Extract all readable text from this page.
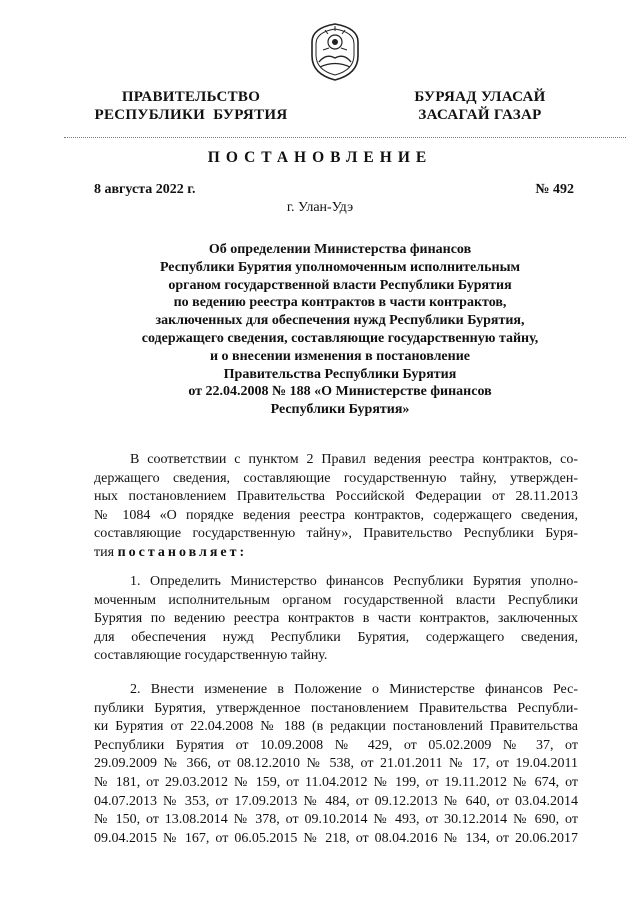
ПРАВИТЕЛЬСТВО
РЕСПУБЛИКИ  БУРЯТИЯ
БУРЯАД УЛАСАЙ
ЗАСАГАЙ ГАЗАР
ПОСТАНОВЛЕНИЕ
8 августа 2022 г.	№ 492
г. Улан-Удэ
Об определении Министерства финансов
Республики Бурятия уполномоченным исполнительным
органом государственной власти Республики Бурятия
по ведению реестра контрактов в части контрактов,
заключенных для обеспечения нужд Республики Бурятия,
содержащего сведения, составляющие государственную тайну,
и о внесении изменения в постановление
Правительства Республики Бурятия
от 22.04.2008 № 188 «О Министерстве финансов
Республики Бурятия»
В соответствии с пунктом 2 Правил ведения реестра контрактов, со-
держащего сведения, составляющие государственную тайну, утвержден-
ных постановлением Правительства Российской Федерации от 28.11.2013
№ 1084 «О порядке ведения реестра контрактов, содержащего сведения,
составляющие государственную тайну», Правительство Республики Буря-
тия постановляет:
1. Определить Министерство финансов Республики Бурятия уполно-
моченным исполнительным органом государственной власти Республики
Бурятия по ведению реестра контрактов в части контрактов, заключенных
для обеспечения нужд Республики Бурятия, содержащего сведения,
составляющие государственную тайну.
2. Внести изменение в Положение о Министерстве финансов Рес-
публики Бурятия, утвержденное постановлением Правительства Республи-
ки Бурятия от 22.04.2008 № 188 (в редакции постановлений Правительства
Республики Бурятия от 10.09.2008 № 429, от 05.02.2009 № 37, от
29.09.2009 № 366, от 08.12.2010 № 538, от 21.01.2011 № 17, от 19.04.2011
№ 181, от 29.03.2012 № 159, от 11.04.2012 № 199, от 19.11.2012 № 674, от
04.07.2013 № 353, от 17.09.2013 № 484, от 09.12.2013 № 640, от 03.04.2014
№ 150, от 13.08.2014 № 378, от 09.10.2014 № 493, от 30.12.2014 № 690, от
09.04.2015 № 167, от 06.05.2015 № 218, от 08.04.2016 № 134, от 20.06.2017
